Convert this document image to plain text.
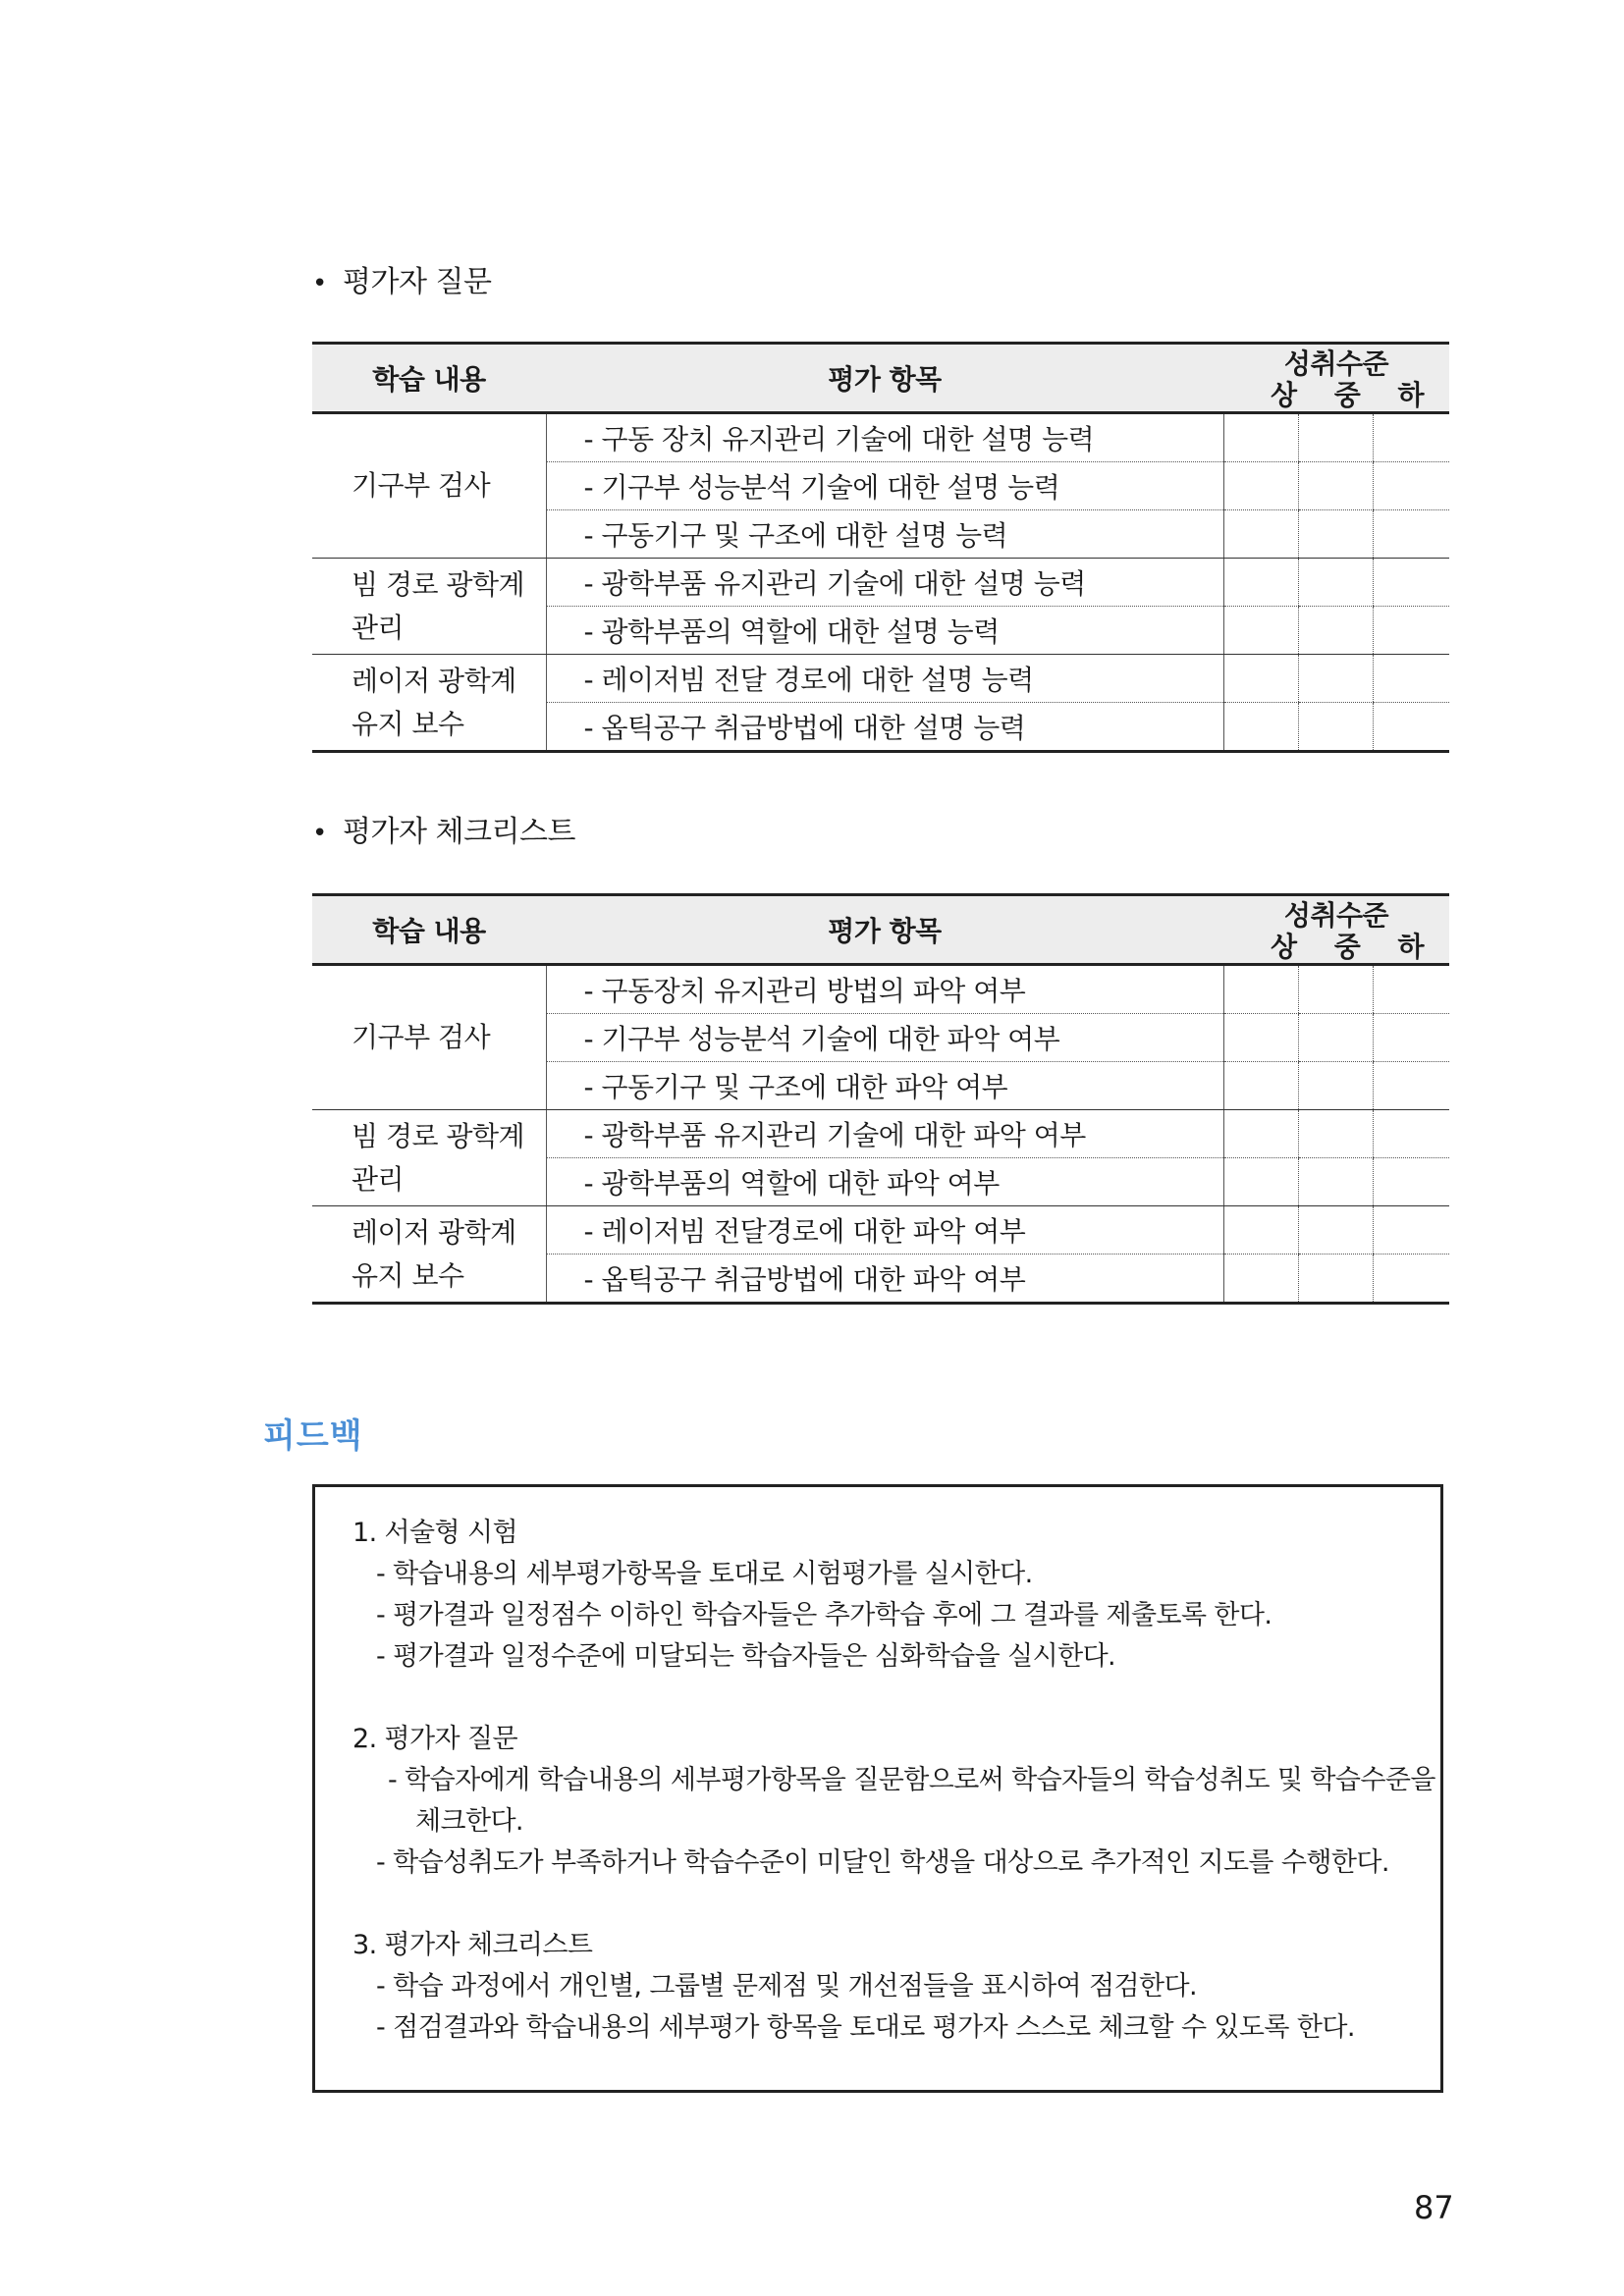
• 평가자 질문
학습 내용	평가 항목	성취수준
상 중 하		

기구부 검사	- 구동 장치 유지관리 기술에 대한 설명 능력			
	- 기구부 성능분석 기술에 대한 설명 능력			
	- 구동기구 및 구조에 대한 설명 능력			
빔 경로 광학계 관리	- 광학부품 유지관리 기술에 대한 설명 능력			
	- 광학부품의 역할에 대한 설명 능력			
레이저 광학계 유지 보수	- 레이저빔 전달 경로에 대한 설명 능력			
	- 옵틱공구 취급방법에 대한 설명 능력			
• 평가자 체크리스트
학습 내용	평가 항목	성취수준
상 중 하		

기구부 검사	- 구동장치 유지관리 방법의 파악 여부			
	- 기구부 성능분석 기술에 대한 파악 여부			
	- 구동기구 및 구조에 대한 파악 여부			
빔 경로 광학계 관리	- 광학부품 유지관리 기술에 대한 파악 여부			
	- 광학부품의 역할에 대한 파악 여부			
레이저 광학계 유지 보수	- 레이저빔 전달경로에 대한 파악 여부			
	- 옵틱공구 취급방법에 대한 파악 여부			
피드백
1. 서술형 시험
- 학습내용의 세부평가항목을 토대로 시험평가를 실시한다.
- 평가결과 일정점수 이하인 학습자들은 추가학습 후에 그 결과를 제출토록 한다.
- 평가결과 일정수준에 미달되는 학습자들은 심화학습을 실시한다.
2. 평가자 질문
- 학습자에게 학습내용의 세부평가항목을 질문함으로써 학습자들의 학습성취도 및 학습수준을
체크한다.
- 학습성취도가 부족하거나 학습수준이 미달인 학생을 대상으로 추가적인 지도를 수행한다.
3. 평가자 체크리스트
- 학습 과정에서 개인별, 그룹별 문제점 및 개선점들을 표시하여 점검한다.
- 점검결과와 학습내용의 세부평가 항목을 토대로 평가자 스스로 체크할 수 있도록 한다.
87
